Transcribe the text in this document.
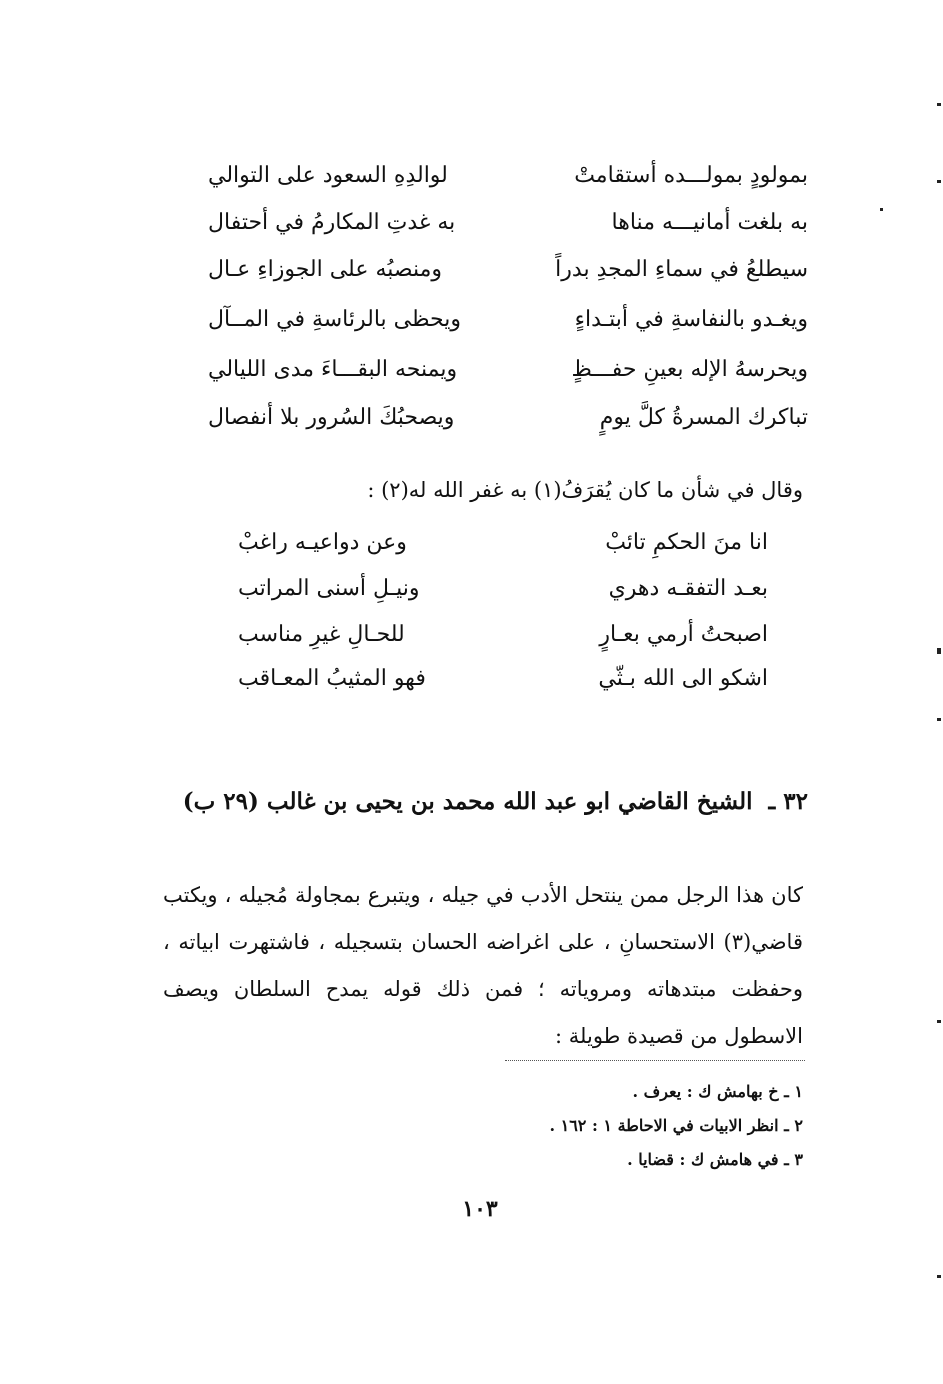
بمولودٍ بمولـــده أستقامتْ
لوالدِهِ السعود على التوالي
به بلغت أمانيـــه مناها
به غدتِ المكارمُ في أحتفال
سيطلعُ في سماءِ المجدِ بدراً
ومنصبُه على الجوزاءِ عـال
ويغـدو بالنفاسةِ في أبتـداءٍ
ويحظى بالرئاسةِ في المــآل
ويحرسهُ الإله بعينِ حفـــظٍ
ويمنحه البقـــاءَ مدى الليالي
تباكرك المسرةُ كلَّ يومٍ
ويصحبُكَ السُرور بلا أنفصال
وقال في شأن ما كان يُقرَفُ(١) به غفر الله له(٢) :
انا منَ الحكمِ تائبْ
وعن دواعيـه راغبْ
بعـد التفقـه دهري
ونيـلِ أسنى المراتب
اصبحتُ أرمي بعـارٍ
للحـالِ غيرِ مناسب
اشكو الى الله بـثّي
فهو المثيبُ المعـاقب
٣٢ ـ الشيخ القاضي ابو عبد الله محمد بن يحيى بن غالب (٢٩ ب)

كان هذا الرجل ممن ينتحل الأدب في جيله ، ويتبرع بمجاولة مُجيله ، ويكتب قاضي(٣) الاستحسانِ ، على اغراضه الحسان بتسجيله ، فاشتهرت ابياته ، وحفظت مبتدهاته ومروياته ؛ فمن ذلك قوله يمدح السلطان ويصف الاسطول من قصيدة طويلة :

١ ـ خ بهامش ك : يعرف .
٢ ـ انظر الابيات في الاحاطة ١ : ١٦٢ .
٣ ـ في هامش ك : قضايا .
١٠٣
